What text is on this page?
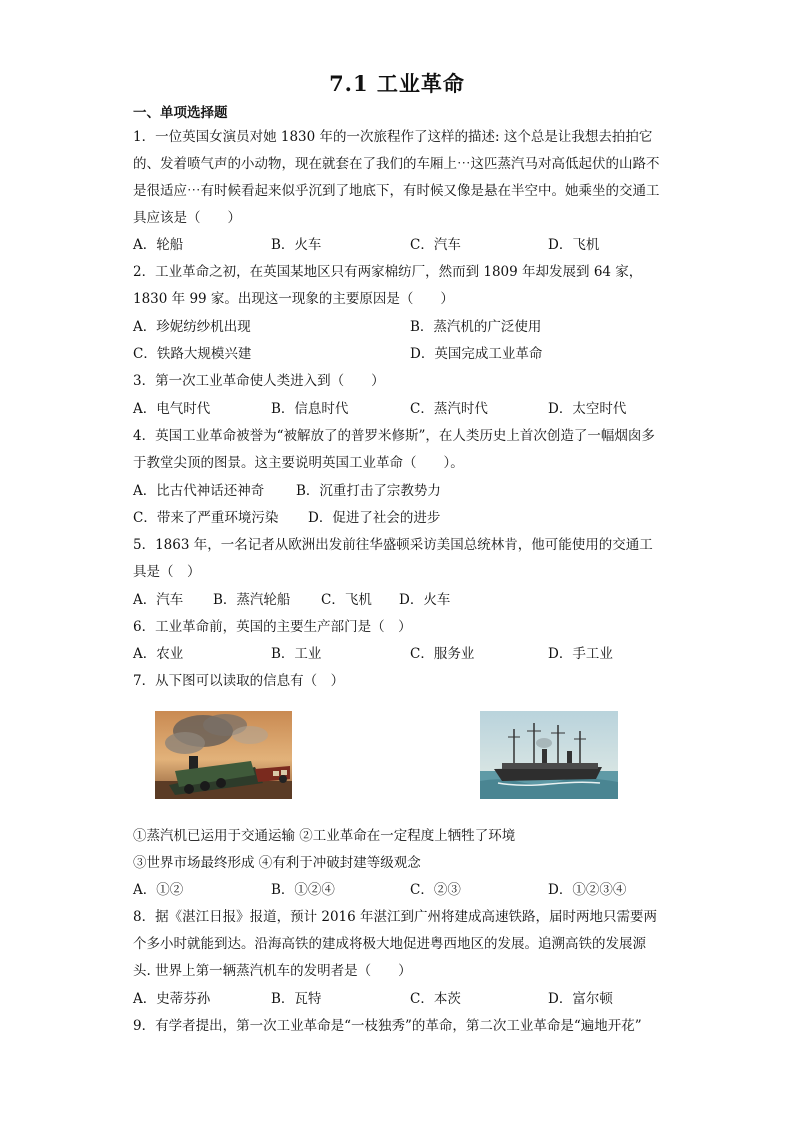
7.1 工业革命
一、单项选择题
1．一位英国女演员对她 1830 年的一次旅程作了这样的描述: 这个总是让我想去拍拍它的、发着喷气声的小动物，现在就套在了我们的车厢上⋯这匹蒸汽马对高低起伏的山路不是很适应⋯有时候看起来似乎沉到了地底下，有时候又像是悬在半空中。她乘坐的交通工具应该是（　　）
A．轮船	B．火车	C．汽车	D．飞机
2．工业革命之初，在英国某地区只有两家棉纺厂，然而到 1809 年却发展到 64 家，1830 年 99 家。出现这一现象的主要原因是（　　）
A．珍妮纺纱机出现	B．蒸汽机的广泛使用
C．铁路大规模兴建	D．英国完成工业革命
3．第一次工业革命使人类进入到（　　）
A．电气时代	B．信息时代	C．蒸汽时代	D．太空时代
4．英国工业革命被誉为“被解放了的普罗米修斯”，在人类历史上首次创造了一幅烟囱多于教堂尖顶的图景。这主要说明英国工业革命（　　）。
A．比古代神话还神奇 B．沉重打击了宗教势力
C．带来了严重环境污染 D．促进了社会的进步
5．1863 年，一名记者从欧洲出发前往华盛顿采访美国总统林肯，他可能使用的交通工具是（　）
A．汽车 B．蒸汽轮船 C．飞机 D．火车
6．工业革命前，英国的主要生产部门是（　）
A．农业	B．工业	C．服务业	D．手工业
7．从下图可以读取的信息有（　）
①蒸汽机已运用于交通运输 ②工业革命在一定程度上牺牲了环境
③世界市场最终形成 ④有利于冲破封建等级观念
A．①②	B．①②④	C．②③	D．①②③④
8．据《湛江日报》报道，预计 2016 年湛江到广州将建成高速铁路，届时两地只需要两个多小时就能到达。沿海高铁的建成将极大地促进粤西地区的发展。追溯高铁的发展源头. 世界上第一辆蒸汽机车的发明者是（　　）
A．史蒂芬孙	B．瓦特	C．本茨	D．富尔顿
9．有学者提出，第一次工业革命是“一枝独秀”的革命，第二次工业革命是“遍地开花”
